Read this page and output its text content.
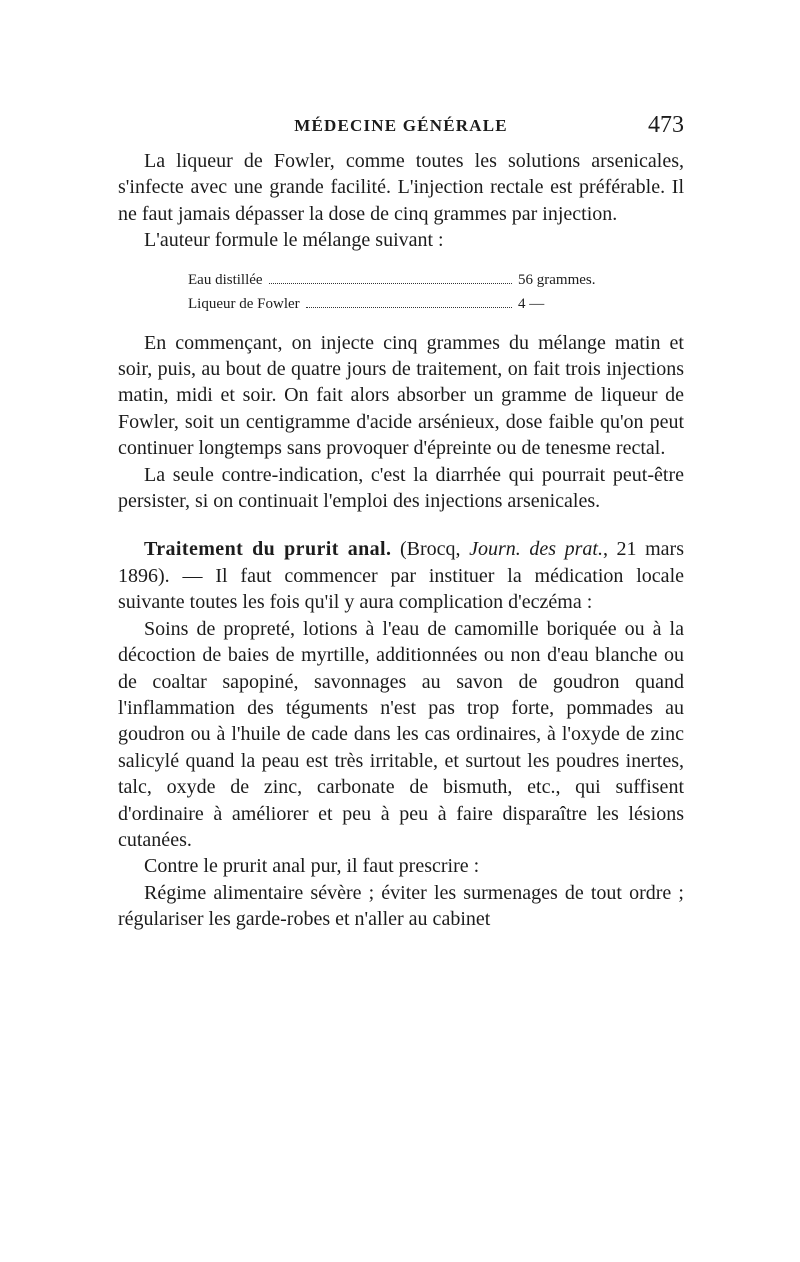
MÉDECINE GÉNÉRALE	473

La liqueur de Fowler, comme toutes les solutions arsenicales, s'infecte avec une grande facilité. L'injection rectale est préférable. Il ne faut jamais dépasser la dose de cinq grammes par injection.

L'auteur formule le mélange suivant :

Eau distillée	56 grammes.
Liqueur de Fowler	4 —

En commençant, on injecte cinq grammes du mélange matin et soir, puis, au bout de quatre jours de traitement, on fait trois injections matin, midi et soir. On fait alors absorber un gramme de liqueur de Fowler, soit un centigramme d'acide arsénieux, dose faible qu'on peut continuer longtemps sans provoquer d'épreinte ou de tenesme rectal.

La seule contre-indication, c'est la diarrhée qui pourrait peut-être persister, si on continuait l'emploi des injections arsenicales.

Traitement du prurit anal. (Brocq, Journ. des prat., 21 mars 1896). — Il faut commencer par instituer la médication locale suivante toutes les fois qu'il y aura complication d'eczéma :

Soins de propreté, lotions à l'eau de camomille boriquée ou à la décoction de baies de myrtille, additionnées ou non d'eau blanche ou de coaltar sapopiné, savonnages au savon de goudron quand l'inflammation des téguments n'est pas trop forte, pommades au goudron ou à l'huile de cade dans les cas ordinaires, à l'oxyde de zinc salicylé quand la peau est très irritable, et surtout les poudres inertes, talc, oxyde de zinc, carbonate de bismuth, etc., qui suffisent d'ordinaire à améliorer et peu à peu à faire disparaître les lésions cutanées.

Contre le prurit anal pur, il faut prescrire :

Régime alimentaire sévère ; éviter les surmenages de tout ordre ; régulariser les garde-robes et n'aller au cabinet
